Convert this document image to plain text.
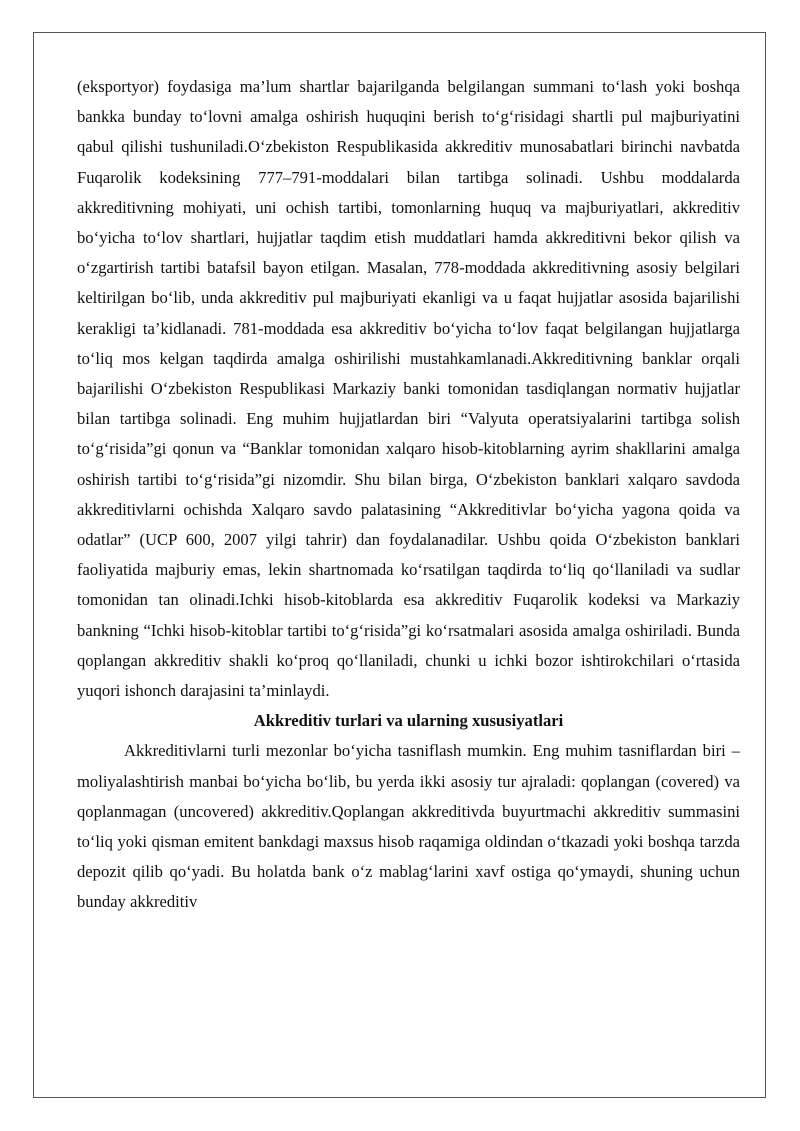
(eksportyor) foydasiga ma’lum shartlar bajarilganda belgilangan summani to‘lash yoki boshqa bankka bunday to‘lovni amalga oshirish huquqini berish to‘g‘risidagi shartli pul majburiyatini qabul qilishi tushuniladi.O‘zbekiston Respublikasida akkreditiv munosabatlari birinchi navbatda Fuqarolik kodeksining 777–791-moddalari bilan tartibga solinadi. Ushbu moddalarda akkreditivning mohiyati, uni ochish tartibi, tomonlarning huquq va majburiyatlari, akkreditiv bo‘yicha to‘lov shartlari, hujjatlar taqdim etish muddatlari hamda akkreditivni bekor qilish va o‘zgartirish tartibi batafsil bayon etilgan. Masalan, 778-moddada akkreditivning asosiy belgilari keltirilgan bo‘lib, unda akkreditiv pul majburiyati ekanligi va u faqat hujjatlar asosida bajarilishi kerakligi ta’kidlanadi. 781-moddada esa akkreditiv bo‘yicha to‘lov faqat belgilangan hujjatlarga to‘liq mos kelgan taqdirda amalga oshirilishi mustahkamlanadi.Akkreditivning banklar orqali bajarilishi O‘zbekiston Respublikasi Markaziy banki tomonidan tasdiqlangan normativ hujjatlar bilan tartibga solinadi. Eng muhim hujjatlardan biri “Valyuta operatsiyalarini tartibga solish to‘g‘risida”gi qonun va “Banklar tomonidan xalqaro hisob-kitoblarning ayrim shakllarini amalga oshirish tartibi to‘g‘risida”gi nizomdir. Shu bilan birga, O‘zbekiston banklari xalqaro savdoda akkreditivlarni ochishda Xalqaro savdo palatasining “Akkreditivlar bo‘yicha yagona qoida va odatlar” (UCP 600, 2007 yilgi tahrir) dan foydalanadilar. Ushbu qoida O‘zbekiston banklari faoliyatida majburiy emas, lekin shartnomada ko‘rsatilgan taqdirda to‘liq qo‘llaniladi va sudlar tomonidan tan olinadi.Ichki hisob-kitoblarda esa akkreditiv Fuqarolik kodeksi va Markaziy bankning “Ichki hisob-kitoblar tartibi to‘g‘risida”gi ko‘rsatmalari asosida amalga oshiriladi. Bunda qoplangan akkreditiv shakli ko‘proq qo‘llaniladi, chunki u ichki bozor ishtirokchilari o‘rtasida yuqori ishonch darajasini ta’minlaydi.

Akkreditiv turlari va ularning xususiyatlari

Akkreditivlarni turli mezonlar bo‘yicha tasniflash mumkin. Eng muhim tasniflardan biri – moliyalashtirish manbai bo‘yicha bo‘lib, bu yerda ikki asosiy tur ajraladi: qoplangan (covered) va qoplanmagan (uncovered) akkreditiv.Qoplangan akkreditivda buyurtmachi akkreditiv summasini to‘liq yoki qisman emitent bankdagi maxsus hisob raqamiga oldindan o‘tkazadi yoki boshqa tarzda depozit qilib qo‘yadi. Bu holatda bank o‘z mablag‘larini xavf ostiga qo‘ymaydi, shuning uchun bunday akkreditiv
